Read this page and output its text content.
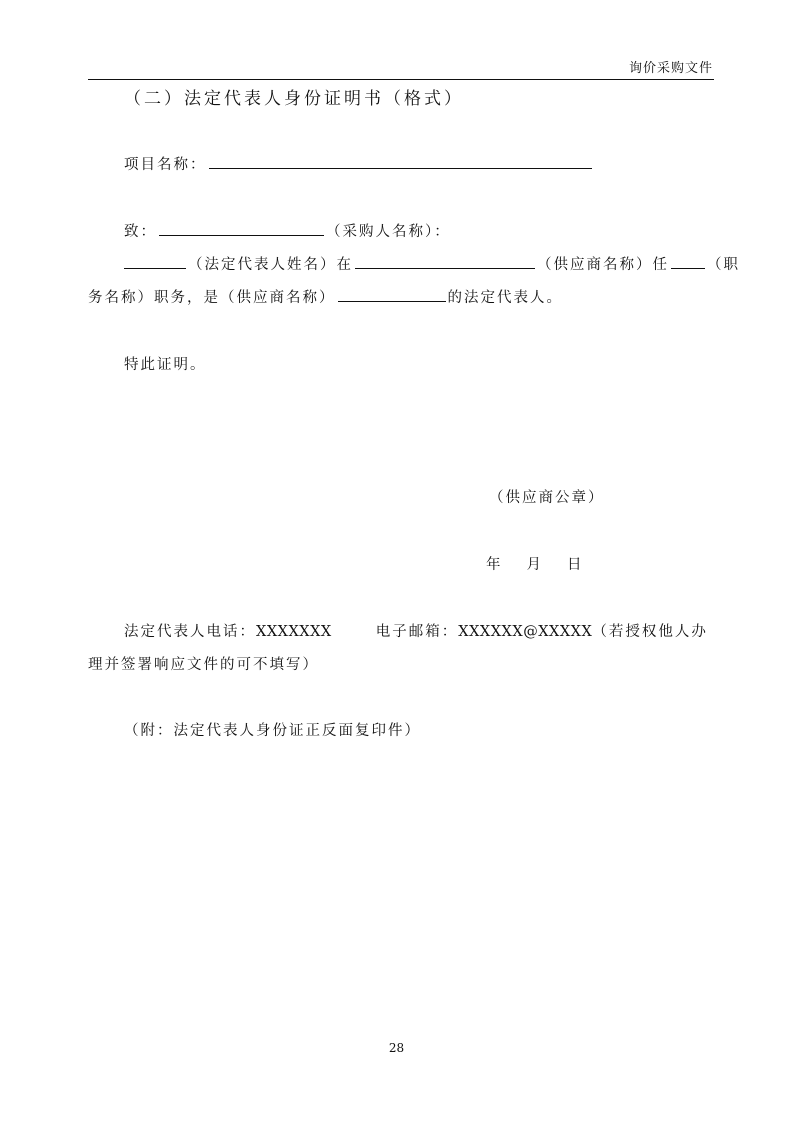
询价采购文件
（二）法定代表人身份证明书（格式）
项目名称：
致：	（采购人名称）：
（法定代表人姓名）在	（供应商名称）任	（职
务名称）职务，是（供应商名称）	的法定代表人。
特此证明。
（供应商公章）
年 月 日
法定代表人电话：XXXXXXX	电子邮箱：XXXXXX@XXXXX（若授权他人办
理并签署响应文件的可不填写）
（附：法定代表人身份证正反面复印件）
28
